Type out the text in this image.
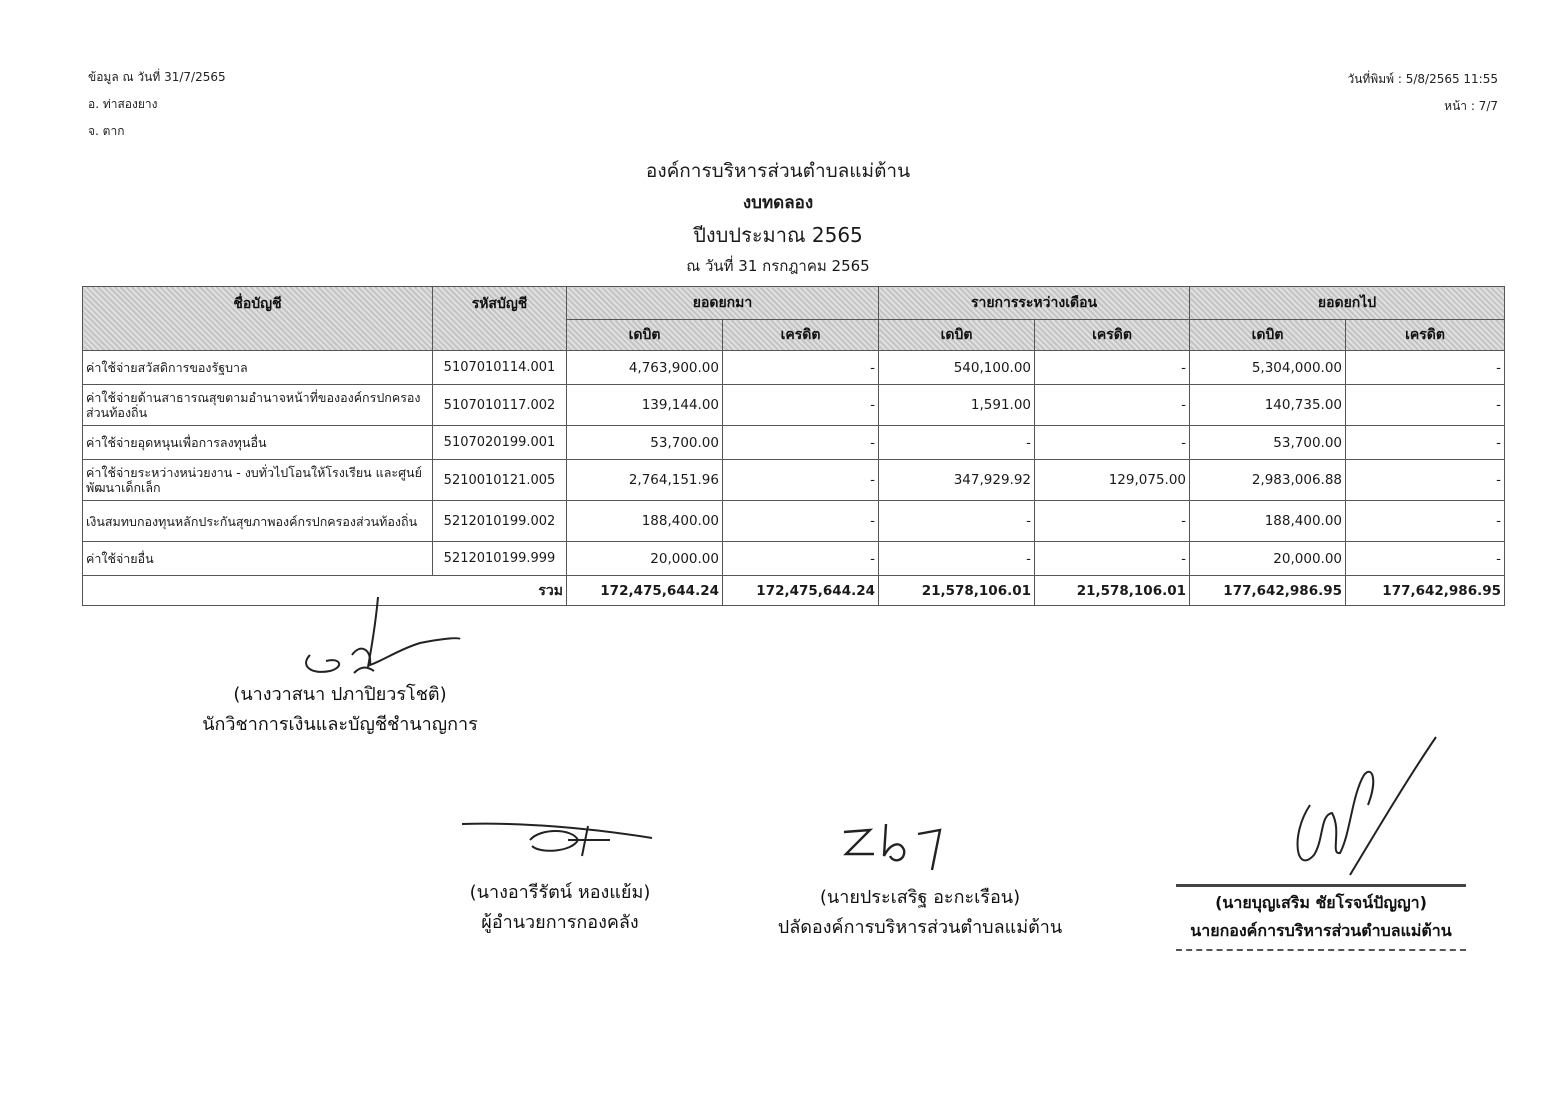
ข้อมูล ณ วันที่ 31/7/2565
อ. ท่าสองยาง
จ. ตาก
วันที่พิมพ์ : 5/8/2565 11:55
หน้า : 7/7
องค์การบริหารส่วนตำบลแม่ต้าน
งบทดลอง
ปีงบประมาณ 2565
ณ วันที่ 31 กรกฎาคม 2565
ชื่อบัญชี	รหัสบัญชี	ยอดยกมา		รายการระหว่างเดือน		ยอดยกไป	
		เดบิต	เครดิต	เดบิต	เครดิต	เดบิต	เครดิต
ค่าใช้จ่ายสวัสดิการของรัฐบาล	5107010114.001	4,763,900.00	-	540,100.00	-	5,304,000.00	-
ค่าใช้จ่ายด้านสาธารณสุขตามอำนาจหน้าที่ขององค์กรปกครองส่วนท้องถิ่น	5107010117.002	139,144.00	-	1,591.00	-	140,735.00	-
ค่าใช้จ่ายอุดหนุนเพื่อการลงทุนอื่น	5107020199.001	53,700.00	-	-	-	53,700.00	-
ค่าใช้จ่ายระหว่างหน่วยงาน - งบทั่วไปโอนให้โรงเรียน และศูนย์พัฒนาเด็กเล็ก	5210010121.005	2,764,151.96	-	347,929.92	129,075.00	2,983,006.88	-
เงินสมทบกองทุนหลักประกันสุขภาพองค์กรปกครองส่วนท้องถิ่น	5212010199.002	188,400.00	-	-	-	188,400.00	-
ค่าใช้จ่ายอื่น	5212010199.999	20,000.00	-	-	-	20,000.00	-
รวม		172,475,644.24	172,475,644.24	21,578,106.01	21,578,106.01	177,642,986.95	177,642,986.95
(นางวาสนา ปภาปิยวรโชติ)
นักวิชาการเงินและบัญชีชำนาญการ
(นางอารีรัตน์ หองแย้ม)
ผู้อำนวยการกองคลัง
(นายประเสริฐ อะกะเรือน)
ปลัดองค์การบริหารส่วนตำบลแม่ต้าน
(นายบุญเสริม ชัยโรจน์ปัญญา)
นายกองค์การบริหารส่วนตำบลแม่ต้าน
